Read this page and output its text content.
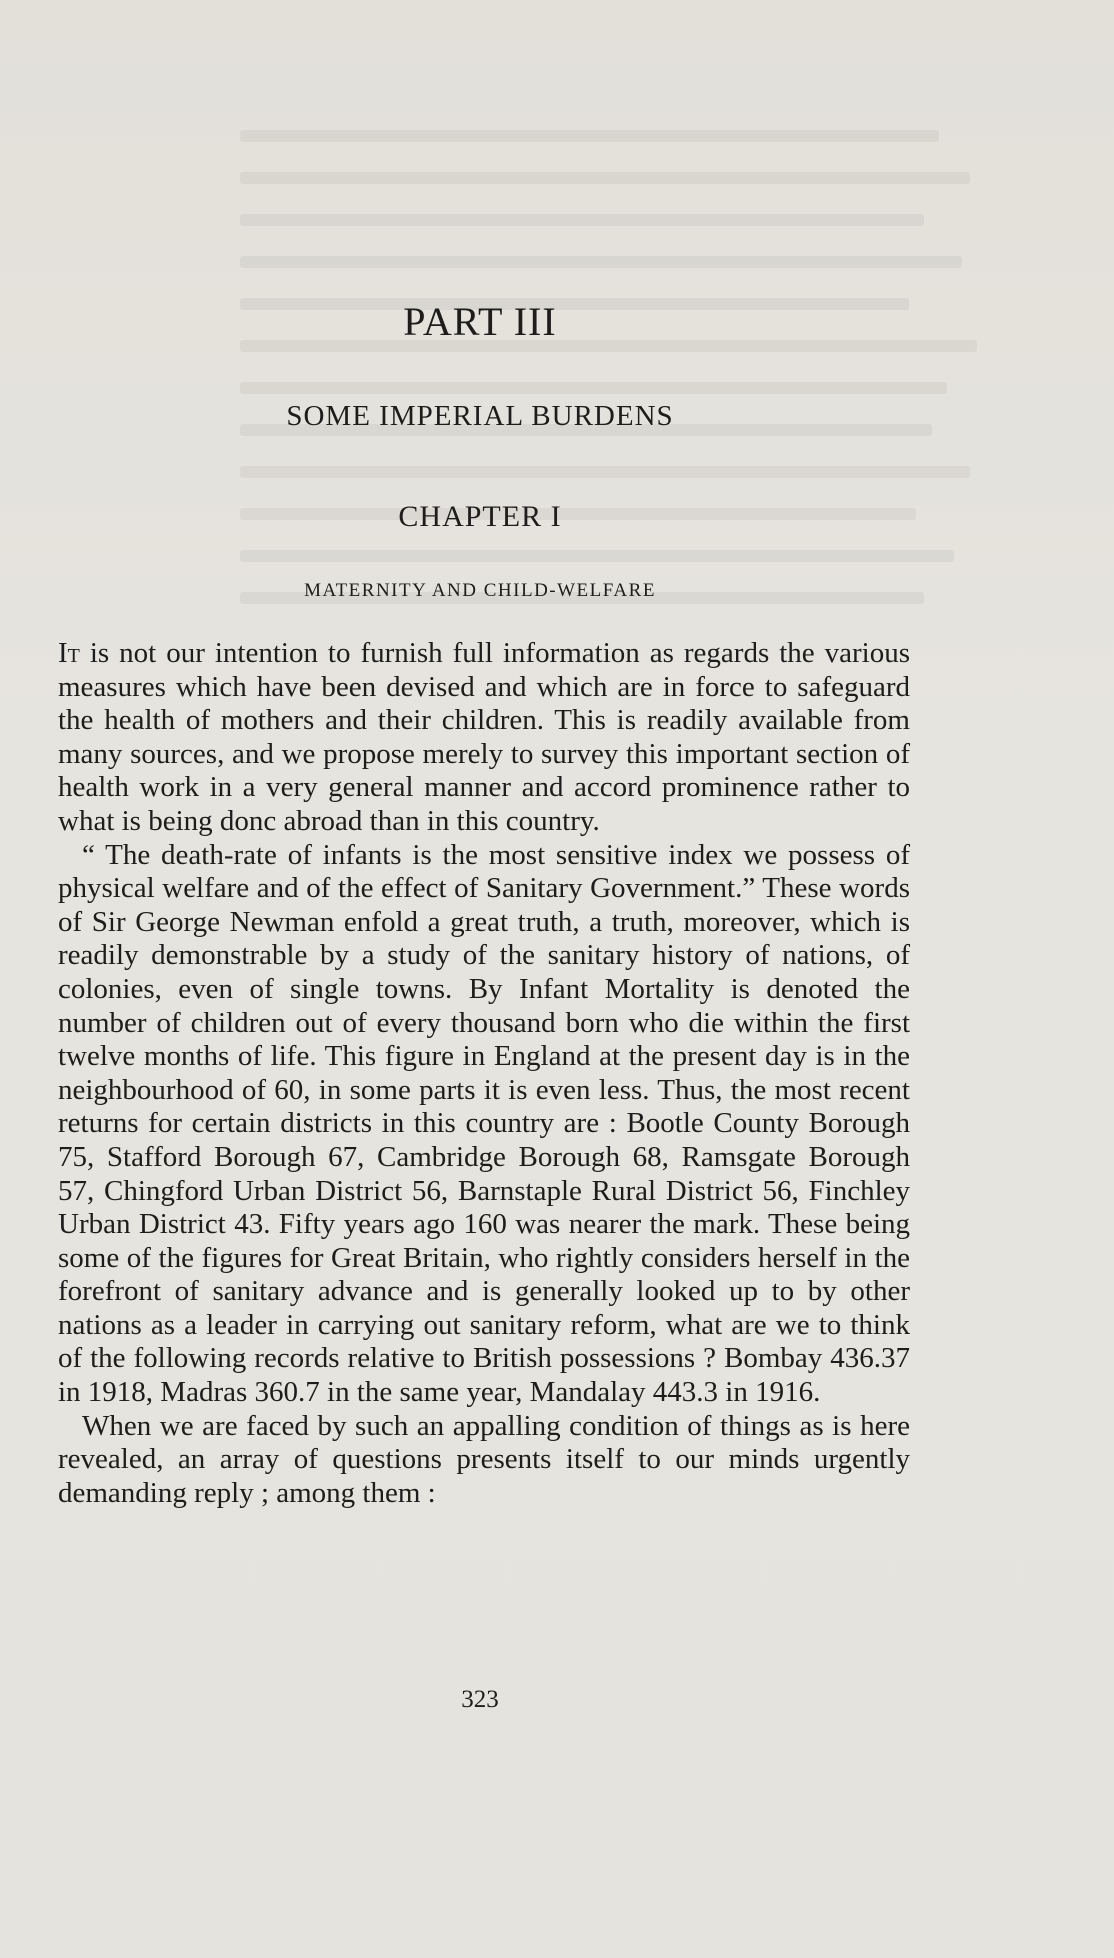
PART III
SOME IMPERIAL BURDENS
CHAPTER I
MATERNITY AND CHILD-WELFARE

It is not our intention to furnish full information as regards the various measures which have been devised and which are in force to safeguard the health of mothers and their children. This is readily available from many sources, and we propose merely to survey this important section of health work in a very general manner and accord prominence rather to what is being donc abroad than in this country.

“ The death-rate of infants is the most sensitive index we possess of physical welfare and of the effect of Sanitary Government.” These words of Sir George Newman enfold a great truth, a truth, moreover, which is readily demonstrable by a study of the sanitary history of nations, of colonies, even of single towns. By Infant Mortality is denoted the number of children out of every thousand born who die within the first twelve months of life. This figure in England at the present day is in the neighbourhood of 60, in some parts it is even less. Thus, the most recent returns for certain districts in this country are : Bootle County Borough 75, Stafford Borough 67, Cambridge Borough 68, Ramsgate Borough 57, Chingford Urban District 56, Barnstaple Rural District 56, Finchley Urban District 43. Fifty years ago 160 was nearer the mark. These being some of the figures for Great Britain, who rightly considers herself in the forefront of sanitary advance and is generally looked up to by other nations as a leader in carrying out sanitary reform, what are we to think of the following records relative to British possessions ? Bombay 436.37 in 1918, Madras 360.7 in the same year, Mandalay 443.3 in 1916.

When we are faced by such an appalling condition of things as is here revealed, an array of questions presents itself to our minds urgently demanding reply ; among them :

323
